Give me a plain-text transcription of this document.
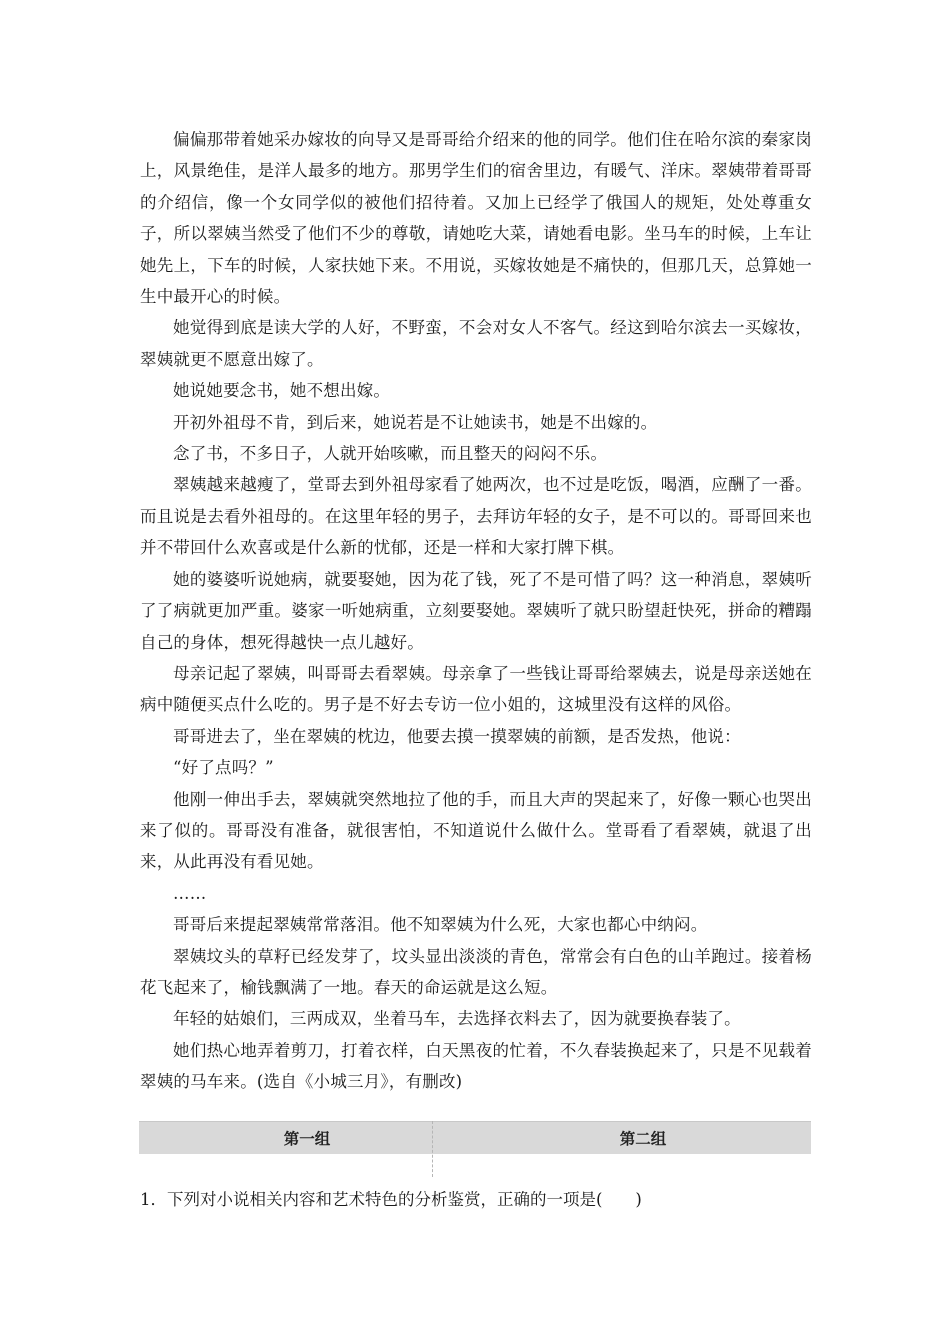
偏偏那带着她采办嫁妆的向导又是哥哥给介绍来的他的同学。他们住在哈尔滨的秦家岗上，风景绝佳，是洋人最多的地方。那男学生们的宿舍里边，有暖气、洋床。翠姨带着哥哥的介绍信，像一个女同学似的被他们招待着。又加上已经学了俄国人的规矩，处处尊重女子，所以翠姨当然受了他们不少的尊敬，请她吃大菜，请她看电影。坐马车的时候，上车让她先上，下车的时候，人家扶她下来。不用说，买嫁妆她是不痛快的，但那几天，总算她一生中最开心的时候。

她觉得到底是读大学的人好，不野蛮，不会对女人不客气。经这到哈尔滨去一买嫁妆，翠姨就更不愿意出嫁了。

她说她要念书，她不想出嫁。

开初外祖母不肯，到后来，她说若是不让她读书，她是不出嫁的。

念了书，不多日子，人就开始咳嗽，而且整天的闷闷不乐。

翠姨越来越瘦了，堂哥去到外祖母家看了她两次，也不过是吃饭，喝酒，应酬了一番。而且说是去看外祖母的。在这里年轻的男子，去拜访年轻的女子，是不可以的。哥哥回来也并不带回什么欢喜或是什么新的忧郁，还是一样和大家打牌下棋。

她的婆婆听说她病，就要娶她，因为花了钱，死了不是可惜了吗？这一种消息，翠姨听了了病就更加严重。婆家一听她病重，立刻要娶她。翠姨听了就只盼望赶快死，拼命的糟蹋自己的身体，想死得越快一点儿越好。

母亲记起了翠姨，叫哥哥去看翠姨。母亲拿了一些钱让哥哥给翠姨去，说是母亲送她在病中随便买点什么吃的。男子是不好去专访一位小姐的，这城里没有这样的风俗。

哥哥进去了，坐在翠姨的枕边，他要去摸一摸翠姨的前额，是否发热，他说：

“好了点吗？”

他刚一伸出手去，翠姨就突然地拉了他的手，而且大声的哭起来了，好像一颗心也哭出来了似的。哥哥没有准备，就很害怕，不知道说什么做什么。堂哥看了看翠姨，就退了出来，从此再没有看见她。

……

哥哥后来提起翠姨常常落泪。他不知翠姨为什么死，大家也都心中纳闷。

翠姨坟头的草籽已经发芽了，坟头显出淡淡的青色，常常会有白色的山羊跑过。接着杨花飞起来了，榆钱飘满了一地。春天的命运就是这么短。

年轻的姑娘们，三两成双，坐着马车，去选择衣料去了，因为就要换春装了。

她们热心地弄着剪刀，打着衣样，白天黑夜的忙着，不久春装换起来了，只是不见载着翠姨的马车来。(选自《小城三月》，有删改)

第一组	第二组

1．下列对小说相关内容和艺术特色的分析鉴赏，正确的一项是(　　)
